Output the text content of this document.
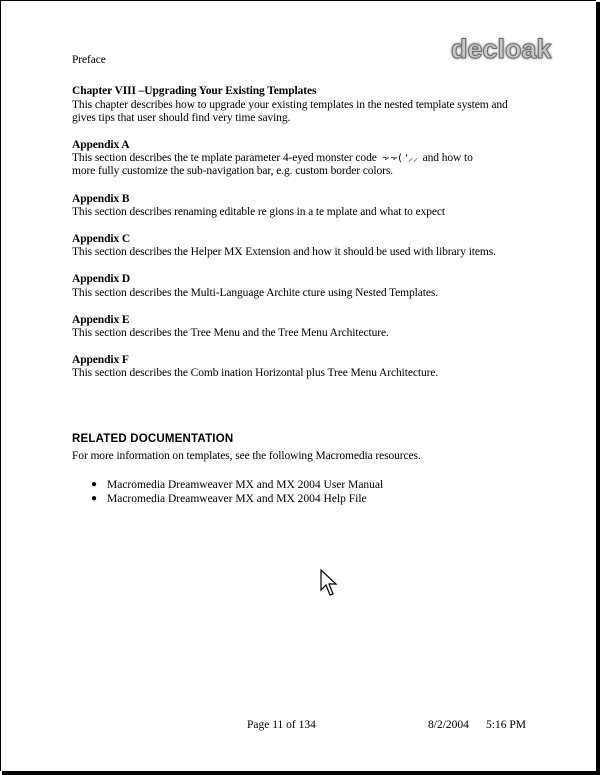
Preface	decloak
Chapter VIII –Upgrading Your Existing Templates
This chapter describes how to upgrade your existing templates in the nested template system and
gives tips that user should find very time saving.
Appendix A
This section describes the te mplate parameter 4-eyed monster code ⸟⸟( ‘⸝⸝ and how to
more fully customize the sub-navigation bar, e.g. custom border colors.
Appendix B
This section describes renaming editable re gions in a te mplate and what to expect
Appendix C
This section describes the Helper MX Extension and how it should be used with library items.
Appendix D
This section describes the Multi-Language Archite cture using Nested Templates.
Appendix E
This section describes the Tree Menu and the Tree Menu Architecture.
Appendix F
This section describes the Comb ination Horizontal plus Tree Menu Architecture.
RELATED DOCUMENTATION
For more information on templates, see the following Macromedia resources.
● Macromedia Dreamweaver MX and MX 2004 User Manual
● Macromedia Dreamweaver MX and MX 2004 Help File
Page 11 of 134	8/2/2004 5:16 PM
